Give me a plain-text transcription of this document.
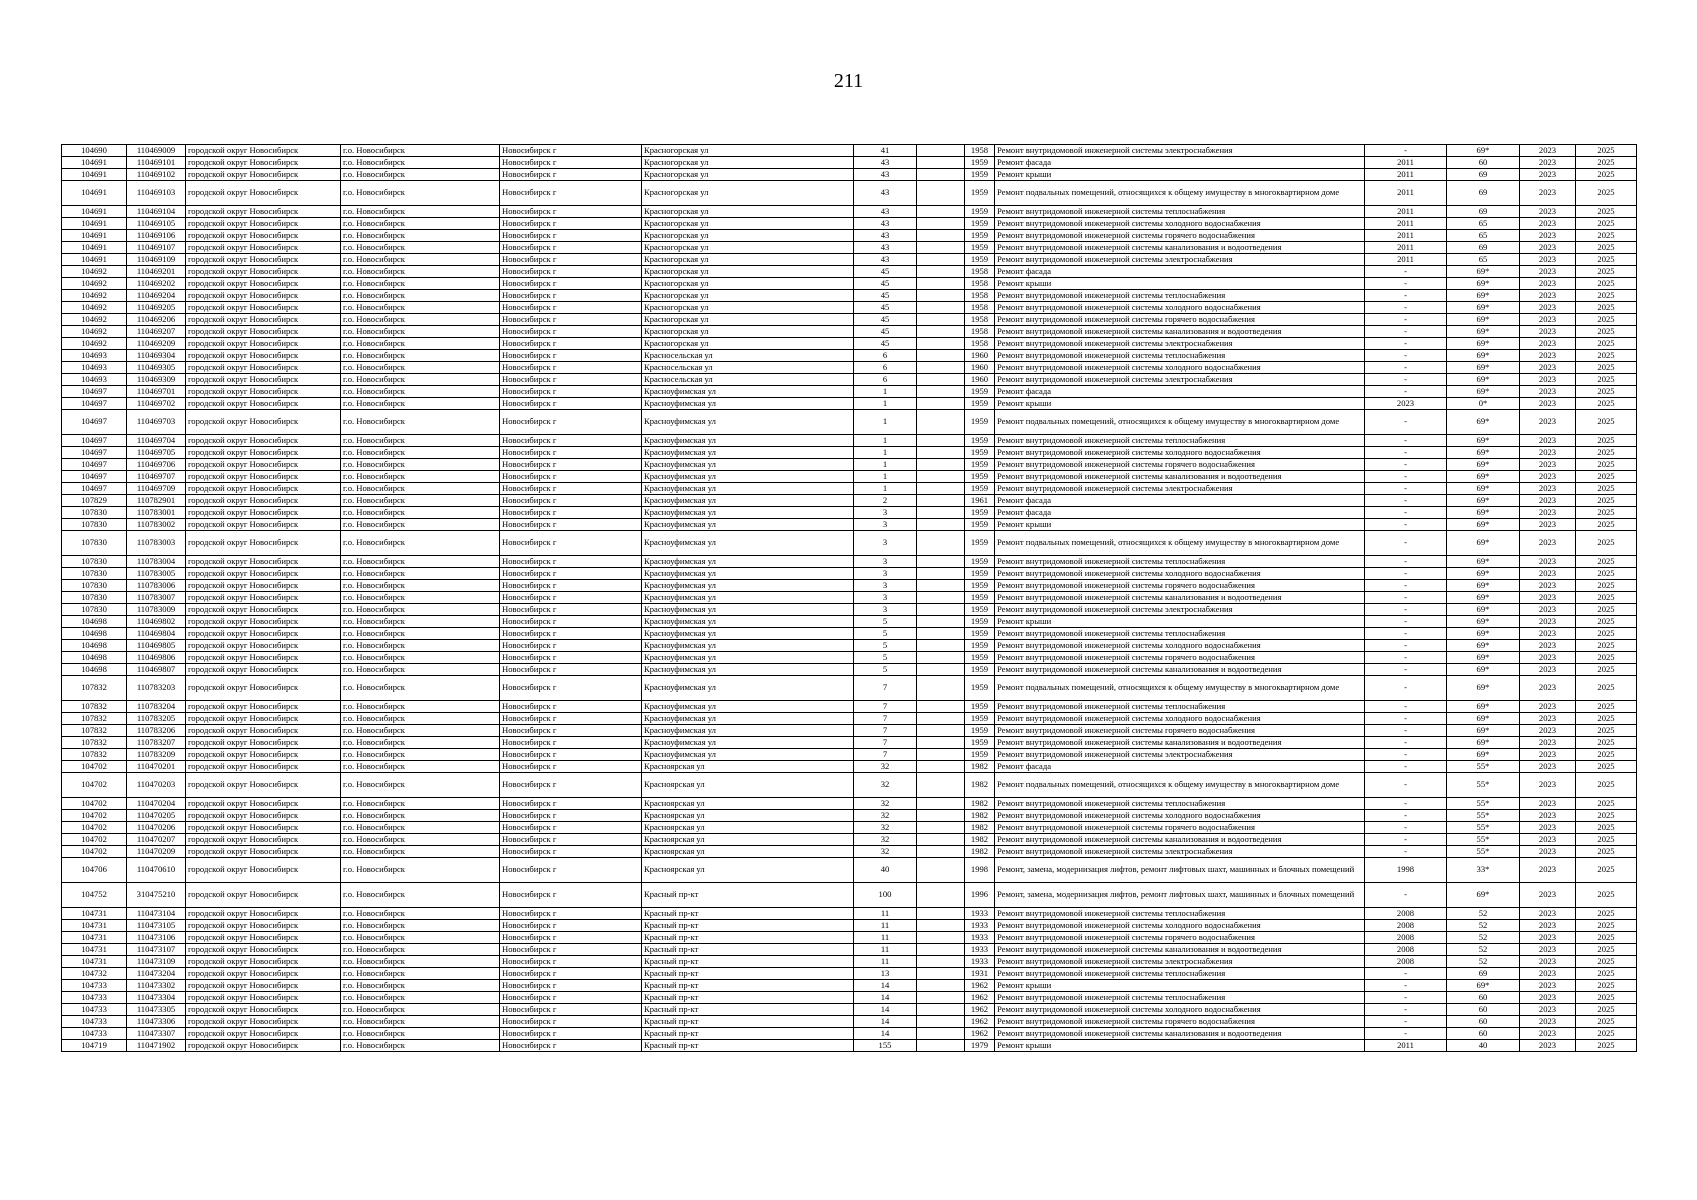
211
104690	110469009	городской округ Новосибирск	г.о. Новосибирск	Новосибирск г	Красногорская ул	41		1958	Ремонт внутридомовой инженерной системы электроснабжения	-	69*	2023	2025
104691	110469101	городской округ Новосибирск	г.о. Новосибирск	Новосибирск г	Красногорская ул	43		1959	Ремонт фасада	2011	60	2023	2025
104691	110469102	городской округ Новосибирск	г.о. Новосибирск	Новосибирск г	Красногорская ул	43		1959	Ремонт крыши	2011	69	2023	2025
104691	110469103	городской округ Новосибирск	г.о. Новосибирск	Новосибирск г	Красногорская ул	43		1959	Ремонт подвальных помещений, относящихся к общему имуществу в многоквартирном доме	2011	69	2023	2025
104691	110469104	городской округ Новосибирск	г.о. Новосибирск	Новосибирск г	Красногорская ул	43		1959	Ремонт внутридомовой инженерной системы теплоснабжения	2011	69	2023	2025
104691	110469105	городской округ Новосибирск	г.о. Новосибирск	Новосибирск г	Красногорская ул	43		1959	Ремонт внутридомовой инженерной системы холодного водоснабжения	2011	65	2023	2025
104691	110469106	городской округ Новосибирск	г.о. Новосибирск	Новосибирск г	Красногорская ул	43		1959	Ремонт внутридомовой инженерной системы горячего водоснабжения	2011	65	2023	2025
104691	110469107	городской округ Новосибирск	г.о. Новосибирск	Новосибирск г	Красногорская ул	43		1959	Ремонт внутридомовой инженерной системы канализования и водоотведения	2011	69	2023	2025
104691	110469109	городской округ Новосибирск	г.о. Новосибирск	Новосибирск г	Красногорская ул	43		1959	Ремонт внутридомовой инженерной системы электроснабжения	2011	65	2023	2025
104692	110469201	городской округ Новосибирск	г.о. Новосибирск	Новосибирск г	Красногорская ул	45		1958	Ремонт фасада	-	69*	2023	2025
104692	110469202	городской округ Новосибирск	г.о. Новосибирск	Новосибирск г	Красногорская ул	45		1958	Ремонт крыши	-	69*	2023	2025
104692	110469204	городской округ Новосибирск	г.о. Новосибирск	Новосибирск г	Красногорская ул	45		1958	Ремонт внутридомовой инженерной системы теплоснабжения	-	69*	2023	2025
104692	110469205	городской округ Новосибирск	г.о. Новосибирск	Новосибирск г	Красногорская ул	45		1958	Ремонт внутридомовой инженерной системы холодного водоснабжения	-	69*	2023	2025
104692	110469206	городской округ Новосибирск	г.о. Новосибирск	Новосибирск г	Красногорская ул	45		1958	Ремонт внутридомовой инженерной системы горячего водоснабжения	-	69*	2023	2025
104692	110469207	городской округ Новосибирск	г.о. Новосибирск	Новосибирск г	Красногорская ул	45		1958	Ремонт внутридомовой инженерной системы канализования и водоотведения	-	69*	2023	2025
104692	110469209	городской округ Новосибирск	г.о. Новосибирск	Новосибирск г	Красногорская ул	45		1958	Ремонт внутридомовой инженерной системы электроснабжения	-	69*	2023	2025
104693	110469304	городской округ Новосибирск	г.о. Новосибирск	Новосибирск г	Красносельская ул	6		1960	Ремонт внутридомовой инженерной системы теплоснабжения	-	69*	2023	2025
104693	110469305	городской округ Новосибирск	г.о. Новосибирск	Новосибирск г	Красносельская ул	6		1960	Ремонт внутридомовой инженерной системы холодного водоснабжения	-	69*	2023	2025
104693	110469309	городской округ Новосибирск	г.о. Новосибирск	Новосибирск г	Красносельская ул	6		1960	Ремонт внутридомовой инженерной системы электроснабжения	-	69*	2023	2025
104697	110469701	городской округ Новосибирск	г.о. Новосибирск	Новосибирск г	Красноуфимская ул	1		1959	Ремонт фасада	-	69*	2023	2025
104697	110469702	городской округ Новосибирск	г.о. Новосибирск	Новосибирск г	Красноуфимская ул	1		1959	Ремонт крыши	2023	0*	2023	2025
104697	110469703	городской округ Новосибирск	г.о. Новосибирск	Новосибирск г	Красноуфимская ул	1		1959	Ремонт подвальных помещений, относящихся к общему имуществу в многоквартирном доме	-	69*	2023	2025
104697	110469704	городской округ Новосибирск	г.о. Новосибирск	Новосибирск г	Красноуфимская ул	1		1959	Ремонт внутридомовой инженерной системы теплоснабжения	-	69*	2023	2025
104697	110469705	городской округ Новосибирск	г.о. Новосибирск	Новосибирск г	Красноуфимская ул	1		1959	Ремонт внутридомовой инженерной системы холодного водоснабжения	-	69*	2023	2025
104697	110469706	городской округ Новосибирск	г.о. Новосибирск	Новосибирск г	Красноуфимская ул	1		1959	Ремонт внутридомовой инженерной системы горячего водоснабжения	-	69*	2023	2025
104697	110469707	городской округ Новосибирск	г.о. Новосибирск	Новосибирск г	Красноуфимская ул	1		1959	Ремонт внутридомовой инженерной системы канализования и водоотведения	-	69*	2023	2025
104697	110469709	городской округ Новосибирск	г.о. Новосибирск	Новосибирск г	Красноуфимская ул	1		1959	Ремонт внутридомовой инженерной системы электроснабжения	-	69*	2023	2025
107829	110782901	городской округ Новосибирск	г.о. Новосибирск	Новосибирск г	Красноуфимская ул	2		1961	Ремонт фасада	-	69*	2023	2025
107830	110783001	городской округ Новосибирск	г.о. Новосибирск	Новосибирск г	Красноуфимская ул	3		1959	Ремонт фасада	-	69*	2023	2025
107830	110783002	городской округ Новосибирск	г.о. Новосибирск	Новосибирск г	Красноуфимская ул	3		1959	Ремонт крыши	-	69*	2023	2025
107830	110783003	городской округ Новосибирск	г.о. Новосибирск	Новосибирск г	Красноуфимская ул	3		1959	Ремонт подвальных помещений, относящихся к общему имуществу в многоквартирном доме	-	69*	2023	2025
107830	110783004	городской округ Новосибирск	г.о. Новосибирск	Новосибирск г	Красноуфимская ул	3		1959	Ремонт внутридомовой инженерной системы теплоснабжения	-	69*	2023	2025
107830	110783005	городской округ Новосибирск	г.о. Новосибирск	Новосибирск г	Красноуфимская ул	3		1959	Ремонт внутридомовой инженерной системы холодного водоснабжения	-	69*	2023	2025
107830	110783006	городской округ Новосибирск	г.о. Новосибирск	Новосибирск г	Красноуфимская ул	3		1959	Ремонт внутридомовой инженерной системы горячего водоснабжения	-	69*	2023	2025
107830	110783007	городской округ Новосибирск	г.о. Новосибирск	Новосибирск г	Красноуфимская ул	3		1959	Ремонт внутридомовой инженерной системы канализования и водоотведения	-	69*	2023	2025
107830	110783009	городской округ Новосибирск	г.о. Новосибирск	Новосибирск г	Красноуфимская ул	3		1959	Ремонт внутридомовой инженерной системы электроснабжения	-	69*	2023	2025
104698	110469802	городской округ Новосибирск	г.о. Новосибирск	Новосибирск г	Красноуфимская ул	5		1959	Ремонт крыши	-	69*	2023	2025
104698	110469804	городской округ Новосибирск	г.о. Новосибирск	Новосибирск г	Красноуфимская ул	5		1959	Ремонт внутридомовой инженерной системы теплоснабжения	-	69*	2023	2025
104698	110469805	городской округ Новосибирск	г.о. Новосибирск	Новосибирск г	Красноуфимская ул	5		1959	Ремонт внутридомовой инженерной системы холодного водоснабжения	-	69*	2023	2025
104698	110469806	городской округ Новосибирск	г.о. Новосибирск	Новосибирск г	Красноуфимская ул	5		1959	Ремонт внутридомовой инженерной системы горячего водоснабжения	-	69*	2023	2025
104698	110469807	городской округ Новосибирск	г.о. Новосибирск	Новосибирск г	Красноуфимская ул	5		1959	Ремонт внутридомовой инженерной системы канализования и водоотведения	-	69*	2023	2025
107832	110783203	городской округ Новосибирск	г.о. Новосибирск	Новосибирск г	Красноуфимская ул	7		1959	Ремонт подвальных помещений, относящихся к общему имуществу в многоквартирном доме	-	69*	2023	2025
107832	110783204	городской округ Новосибирск	г.о. Новосибирск	Новосибирск г	Красноуфимская ул	7		1959	Ремонт внутридомовой инженерной системы теплоснабжения	-	69*	2023	2025
107832	110783205	городской округ Новосибирск	г.о. Новосибирск	Новосибирск г	Красноуфимская ул	7		1959	Ремонт внутридомовой инженерной системы холодного водоснабжения	-	69*	2023	2025
107832	110783206	городской округ Новосибирск	г.о. Новосибирск	Новосибирск г	Красноуфимская ул	7		1959	Ремонт внутридомовой инженерной системы горячего водоснабжения	-	69*	2023	2025
107832	110783207	городской округ Новосибирск	г.о. Новосибирск	Новосибирск г	Красноуфимская ул	7		1959	Ремонт внутридомовой инженерной системы канализования и водоотведения	-	69*	2023	2025
107832	110783209	городской округ Новосибирск	г.о. Новосибирск	Новосибирск г	Красноуфимская ул	7		1959	Ремонт внутридомовой инженерной системы электроснабжения	-	69*	2023	2025
104702	110470201	городской округ Новосибирск	г.о. Новосибирск	Новосибирск г	Красноярская ул	32		1982	Ремонт фасада	-	55*	2023	2025
104702	110470203	городской округ Новосибирск	г.о. Новосибирск	Новосибирск г	Красноярская ул	32		1982	Ремонт подвальных помещений, относящихся к общему имуществу в многоквартирном доме	-	55*	2023	2025
104702	110470204	городской округ Новосибирск	г.о. Новосибирск	Новосибирск г	Красноярская ул	32		1982	Ремонт внутридомовой инженерной системы теплоснабжения	-	55*	2023	2025
104702	110470205	городской округ Новосибирск	г.о. Новосибирск	Новосибирск г	Красноярская ул	32		1982	Ремонт внутридомовой инженерной системы холодного водоснабжения	-	55*	2023	2025
104702	110470206	городской округ Новосибирск	г.о. Новосибирск	Новосибирск г	Красноярская ул	32		1982	Ремонт внутридомовой инженерной системы горячего водоснабжения	-	55*	2023	2025
104702	110470207	городской округ Новосибирск	г.о. Новосибирск	Новосибирск г	Красноярская ул	32		1982	Ремонт внутридомовой инженерной системы канализования и водоотведения	-	55*	2023	2025
104702	110470209	городской округ Новосибирск	г.о. Новосибирск	Новосибирск г	Красноярская ул	32		1982	Ремонт внутридомовой инженерной системы электроснабжения	-	55*	2023	2025
104706	110470610	городской округ Новосибирск	г.о. Новосибирск	Новосибирск г	Красноярская ул	40		1998	Ремонт, замена, модернизация лифтов, ремонт лифтовых шахт, машинных и блочных помещений	1998	33*	2023	2025
104752	310475210	городской округ Новосибирск	г.о. Новосибирск	Новосибирск г	Красный пр-кт	100		1996	Ремонт, замена, модернизация лифтов, ремонт лифтовых шахт, машинных и блочных помещений	-	69*	2023	2025
104731	110473104	городской округ Новосибирск	г.о. Новосибирск	Новосибирск г	Красный пр-кт	11		1933	Ремонт внутридомовой инженерной системы теплоснабжения	2008	52	2023	2025
104731	110473105	городской округ Новосибирск	г.о. Новосибирск	Новосибирск г	Красный пр-кт	11		1933	Ремонт внутридомовой инженерной системы холодного водоснабжения	2008	52	2023	2025
104731	110473106	городской округ Новосибирск	г.о. Новосибирск	Новосибирск г	Красный пр-кт	11		1933	Ремонт внутридомовой инженерной системы горячего водоснабжения	2008	52	2023	2025
104731	110473107	городской округ Новосибирск	г.о. Новосибирск	Новосибирск г	Красный пр-кт	11		1933	Ремонт внутридомовой инженерной системы канализования и водоотведения	2008	52	2023	2025
104731	110473109	городской округ Новосибирск	г.о. Новосибирск	Новосибирск г	Красный пр-кт	11		1933	Ремонт внутридомовой инженерной системы электроснабжения	2008	52	2023	2025
104732	110473204	городской округ Новосибирск	г.о. Новосибирск	Новосибирск г	Красный пр-кт	13		1931	Ремонт внутридомовой инженерной системы теплоснабжения	-	69	2023	2025
104733	110473302	городской округ Новосибирск	г.о. Новосибирск	Новосибирск г	Красный пр-кт	14		1962	Ремонт крыши	-	69*	2023	2025
104733	110473304	городской округ Новосибирск	г.о. Новосибирск	Новосибирск г	Красный пр-кт	14		1962	Ремонт внутридомовой инженерной системы теплоснабжения	-	60	2023	2025
104733	110473305	городской округ Новосибирск	г.о. Новосибирск	Новосибирск г	Красный пр-кт	14		1962	Ремонт внутридомовой инженерной системы холодного водоснабжения	-	60	2023	2025
104733	110473306	городской округ Новосибирск	г.о. Новосибирск	Новосибирск г	Красный пр-кт	14		1962	Ремонт внутридомовой инженерной системы горячего водоснабжения	-	60	2023	2025
104733	110473307	городской округ Новосибирск	г.о. Новосибирск	Новосибирск г	Красный пр-кт	14		1962	Ремонт внутридомовой инженерной системы канализования и водоотведения	-	60	2023	2025
104719	110471902	городской округ Новосибирск	г.о. Новосибирск	Новосибирск г	Красный пр-кт	155		1979	Ремонт крыши	2011	40	2023	2025
